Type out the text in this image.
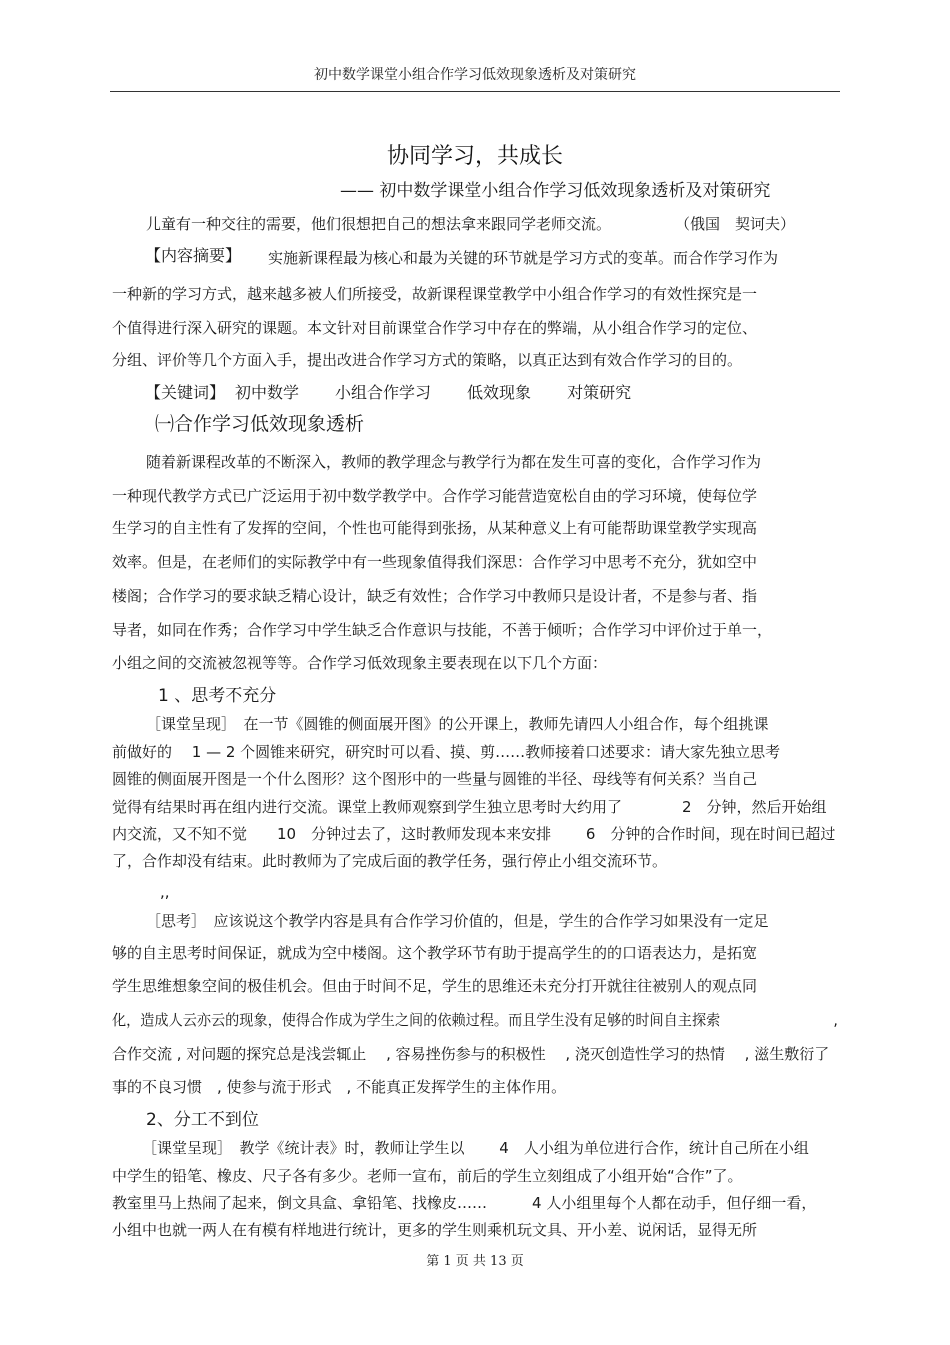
初中数学课堂小组合作学习低效现象透析及对策研究
协同学习，共成长
—— 初中数学课堂小组合作学习低效现象透析及对策研究
儿童有一种交往的需要，他们很想把自己的想法拿来跟同学老师交流。	（俄国　契诃夫）
【内容摘要】 实施新课程最为核心和最为关键的环节就是学习方式的变革。而合作学习作为
一种新的学习方式，越来越多被人们所接受，故新课程课堂教学中小组合作学习的有效性探究是一
个值得进行深入研究的课题。本文针对目前课堂合作学习中存在的弊端，从小组合作学习的定位、
分组、评价等几个方面入手，提出改进合作学习方式的策略，以真正达到有效合作学习的目的。
【关键词】 初中数学 小组合作学习 低效现象 对策研究
㈠合作学习低效现象透析
随着新课程改革的不断深入，教师的教学理念与教学行为都在发生可喜的变化，合作学习作为
一种现代教学方式已广泛运用于初中数学教学中。合作学习能营造宽松自由的学习环境，使每位学
生学习的自主性有了发挥的空间，个性也可能得到张扬，从某种意义上有可能帮助课堂教学实现高
效率。但是，在老师们的实际教学中有一些现象值得我们深思：合作学习中思考不充分，犹如空中
楼阁；合作学习的要求缺乏精心设计，缺乏有效性；合作学习中教师只是设计者，不是参与者、指
导者，如同在作秀；合作学习中学生缺乏合作意识与技能，不善于倾听；合作学习中评价过于单一，
小组之间的交流被忽视等等。合作学习低效现象主要表现在以下几个方面：
1 、思考不充分
［课堂呈现］　在一节《圆锥的侧面展开图》的公开课上，教师先请四人小组合作，每个组挑课
前做好的　 1 — 2 个圆锥来研究，研究时可以看、摸、剪……教师接着口述要求：请大家先独立思考
圆锥的侧面展开图是一个什么图形？这个图形中的一些量与圆锥的半径、母线等有何关系？当自己
觉得有结果时再在组内进行交流。课堂上教师观察到学生独立思考时大约用了　　　　2　分钟，然后开始组
内交流，又不知不觉　　10　分钟过去了，这时教师发现本来安排　　 6　分钟的合作时间，现在时间已超过
了，合作却没有结束。此时教师为了完成后面的教学任务，强行停止小组交流环节。
,,
［思考］　应该说这个教学内容是具有合作学习价值的，但是，学生的合作学习如果没有一定足
够的自主思考时间保证，就成为空中楼阁。这个教学环节有助于提高学生的的口语表达力，是拓宽
学生思维想象空间的极佳机会。但由于时间不足，学生的思维还未充分打开就往往被别人的观点同
化，造成人云亦云的现象，使得合作成为学生之间的依赖过程。而且学生没有足够的时间自主探索　　　　　　　　,
合作交流 , 对问题的探究总是浅尝辄止　 , 容易挫伤参与的积极性　 , 浇灭创造性学习的热情　 , 滋生敷衍了
事的不良习惯　, 使参与流于形式　, 不能真正发挥学生的主体作用。
2、分工不到位
［课堂呈现］　教学《统计表》时，教师让学生以　　 4　人小组为单位进行合作，统计自己所在小组
中学生的铅笔、橡皮、尺子各有多少。老师一宣布，前后的学生立刻组成了小组开始“合作”了。
教室里马上热闹了起来，倒文具盒、拿铅笔、找橡皮……　　　4 人小组里每个人都在动手，但仔细一看，
小组中也就一两人在有模有样地进行统计，更多的学生则乘机玩文具、开小差、说闲话，显得无所
第 1 页 共 13 页
